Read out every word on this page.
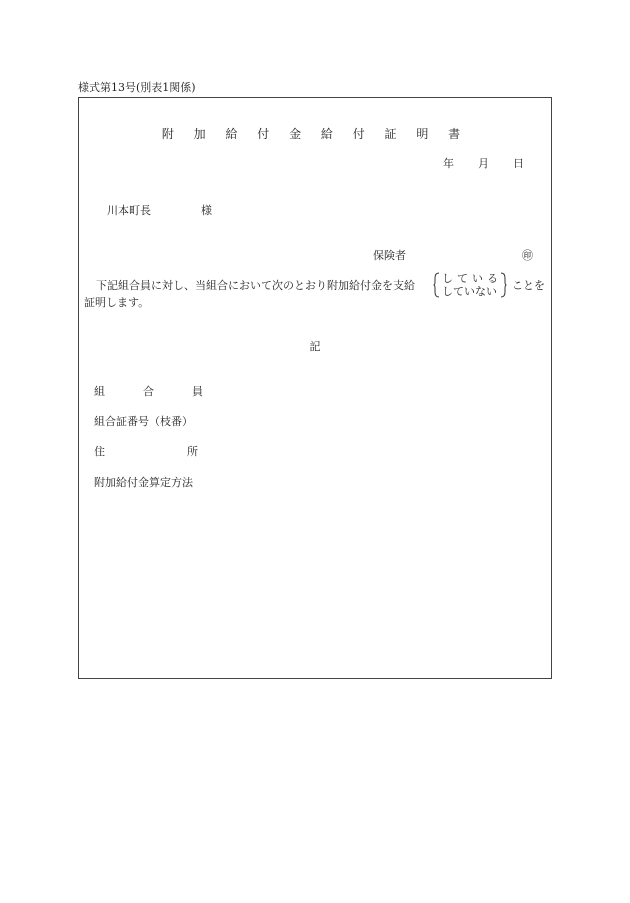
様式第13号(別表1関係)
附 加 給 付 金 給 付 証 明 書
年 月 日
川本町長	様
保険者	㊞
下記組合員に対し、当組合において次のとおり附加給付金を支給
している
していない ことを
証明します。
記
組	合	員
組合証番号（枝番）
住	所
附加給付金算定方法
